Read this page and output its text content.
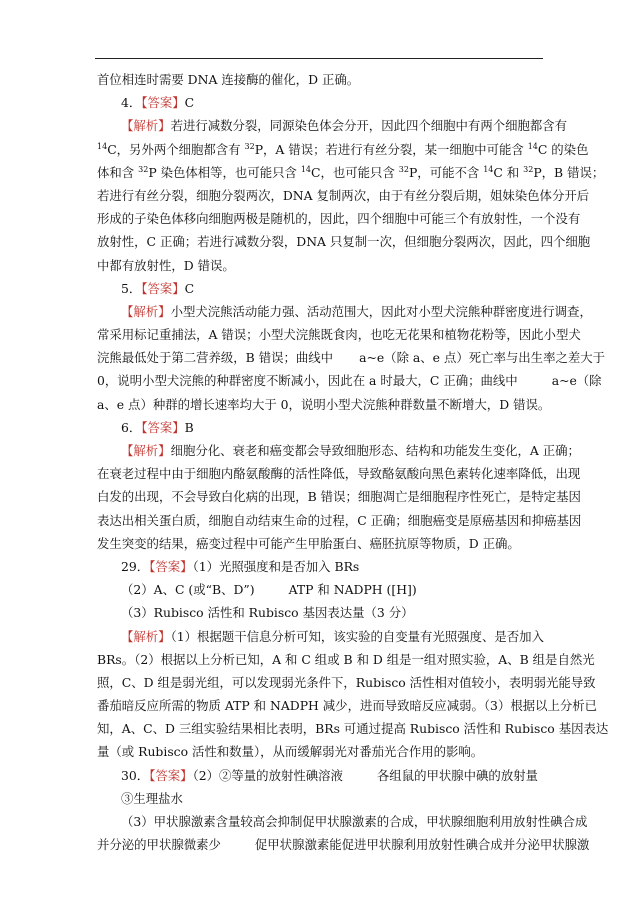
首位相连时需要 DNA 连接酶的催化，D 正确。
4．【答案】C
【解析】若进行减数分裂，同源染色体会分开，因此四个细胞中有两个细胞都含有
$^{14}$C，另外两个细胞都含有 $^{32}$P，A 错误；若进行有丝分裂，某一细胞中可能含 $^{14}$C 的染色
体和含 $^{32}$P 染色体相等，也可能只含 $^{14}$C，也可能只含 $^{32}$P，可能不含 $^{14}$C 和 $^{32}$P，B 错误；
若进行有丝分裂，细胞分裂两次，DNA 复制两次，由于有丝分裂后期，姐妹染色体分开后
形成的子染色体移向细胞两极是随机的，因此，四个细胞中可能三个有放射性，一个没有
放射性，C 正确；若进行减数分裂，DNA 只复制一次，但细胞分裂两次，因此，四个细胞
中都有放射性，D 错误。
5．【答案】C
【解析】小型犬浣熊活动能力强、活动范围大，因此对小型犬浣熊种群密度进行调查，
常采用标记重捕法，A 错误；小型犬浣熊既食肉，也吃无花果和植物花粉等，因此小型犬
浣熊最低处于第二营养级，B 错误；曲线中 a~e（除 a、e 点）死亡率与出生率之差大于
0，说明小型犬浣熊的种群密度不断减小，因此在 a 时最大，C 正确；曲线中	a~e（除
a、e 点）种群的增长速率均大于 0，说明小型犬浣熊种群数量不断增大，D 错误。
6．【答案】B
【解析】细胞分化、衰老和癌变都会导致细胞形态、结构和功能发生变化，A 正确；
在衰老过程中由于细胞内酪氨酸酶的活性降低，导致酪氨酸向黑色素转化速率降低，出现
白发的出现，不会导致白化病的出现，B 错误；细胞凋亡是细胞程序性死亡，是特定基因
表达出相关蛋白质，细胞自动结束生命的过程，C 正确；细胞癌变是原癌基因和抑癌基因
发生突变的结果，癌变过程中可能产生甲胎蛋白、癌胚抗原等物质，D 正确。
29．【答案】（1）光照强度和是否加入 BRs
（2）A、C (或“B、D”)	ATP 和 NADPH ([H])
（3）Rubisco 活性和 Rubisco 基因表达量（3 分）
【解析】（1）根据题干信息分析可知，该实验的自变量有光照强度、是否加入
BRs。（2）根据以上分析已知，A 和 C 组或 B 和 D 组是一组对照实验，A、B 组是自然光
照，C、D 组是弱光组，可以发现弱光条件下，Rubisco 活性相对值较小，表明弱光能导致
番茄暗反应所需的物质 ATP 和 NADPH 减少，进而导致暗反应减弱。（3）根据以上分析已
知，A、C、D 三组实验结果相比表明，BRs 可通过提高 Rubisco 活性和 Rubisco 基因表达
量（或 Rubisco 活性和数量），从而缓解弱光对番茄光合作用的影响。
30．【答案】（2）②等量的放射性碘溶液	各组鼠的甲状腺中碘的放射量
③生理盐水
（3）甲状腺激素含量较高会抑制促甲状腺激素的合成，甲状腺细胞利用放射性碘合成
并分泌的甲状腺微素少	促甲状腺激素能促进甲状腺利用放射性碘合成并分泌甲状腺激
